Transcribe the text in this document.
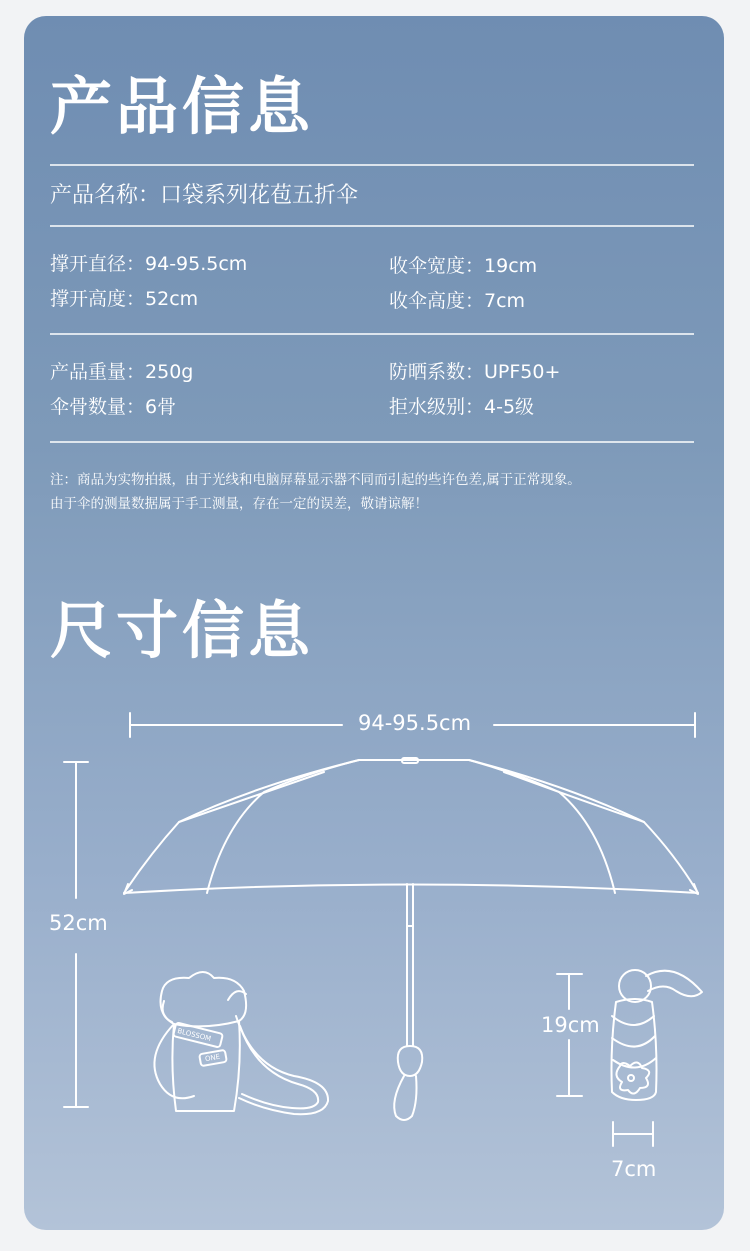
产品信息
产品名称：口袋系列花苞五折伞
撑开直径：94-95.5cm	收伞宽度：19cm
撑开高度：52cm	收伞高度：7cm
产品重量：250g	防晒系数：UPF50+
伞骨数量：6骨	拒水级别：4-5级
注：商品为实物拍摄，由于光线和电脑屏幕显示器不同而引起的些许色差,属于正常现象。
由于伞的测量数据属于手工测量，存在一定的误差，敬请谅解！
尺寸信息
94-95.5cm
52cm
19cm
7cm
BLOSSOM
ONE
